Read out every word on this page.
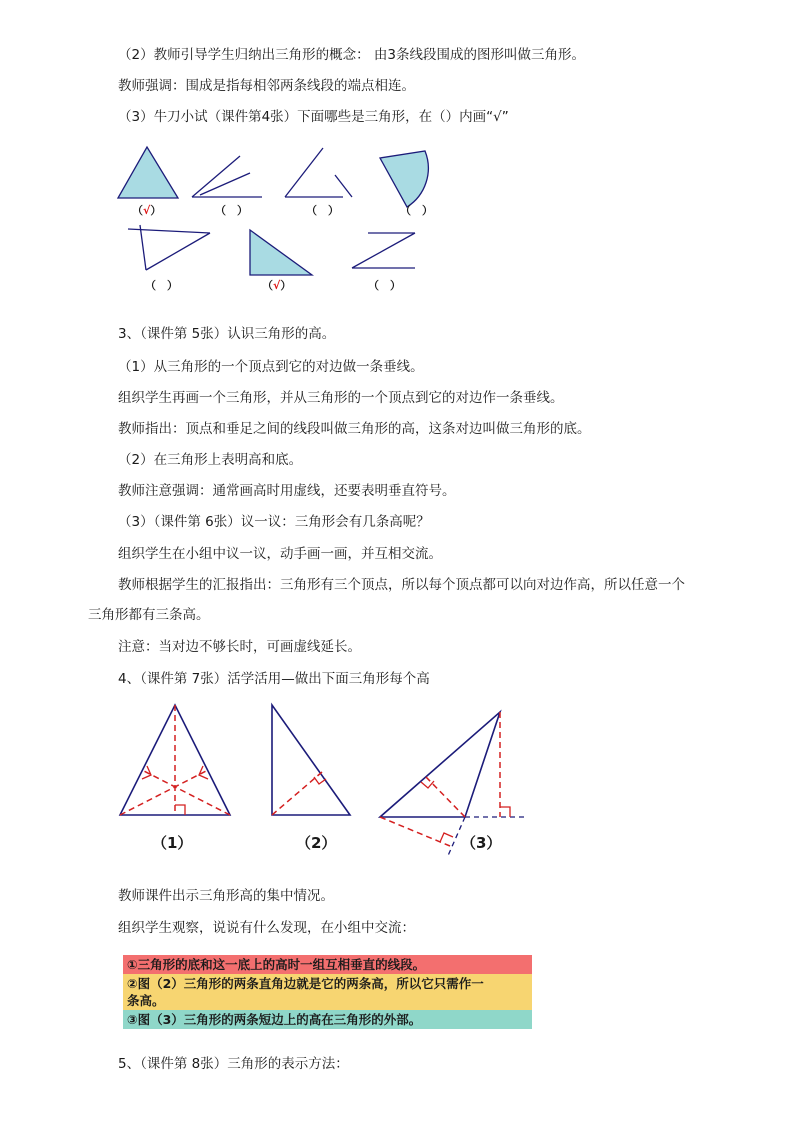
（2）教师引导学生归纳出三角形的概念： 由3条线段围成的图形叫做三角形。
教师强调：围成是指每相邻两条线段的端点相连。
（3）牛刀小试（课件第4张）下面哪些是三角形，在（）内画“√”
（√）	（　）	（　）	（　）
（　）	（√）	（　）
3、（课件第 5张）认识三角形的高。
（1）从三角形的一个顶点到它的对边做一条垂线。
组织学生再画一个三角形，并从三角形的一个顶点到它的对边作一条垂线。
教师指出：顶点和垂足之间的线段叫做三角形的高，这条对边叫做三角形的底。
（2）在三角形上表明高和底。
教师注意强调：通常画高时用虚线，还要表明垂直符号。
（3）（课件第 6张）议一议：三角形会有几条高呢？
组织学生在小组中议一议，动手画一画，并互相交流。
教师根据学生的汇报指出：三角形有三个顶点，所以每个顶点都可以向对边作高，所以任意一个
三角形都有三条高。
注意：当对边不够长时，可画虚线延长。
4、（课件第 7张）活学活用—做出下面三角形每个高
（1）	（2）	（3）
教师课件出示三角形高的集中情况。
组织学生观察，说说有什么发现，在小组中交流：
①三角形的底和这一底上的高时一组互相垂直的线段。
②图（2）三角形的两条直角边就是它的两条高，所以它只需作一
条高。
③图（3）三角形的两条短边上的高在三角形的外部。
5、（课件第 8张）三角形的表示方法：
